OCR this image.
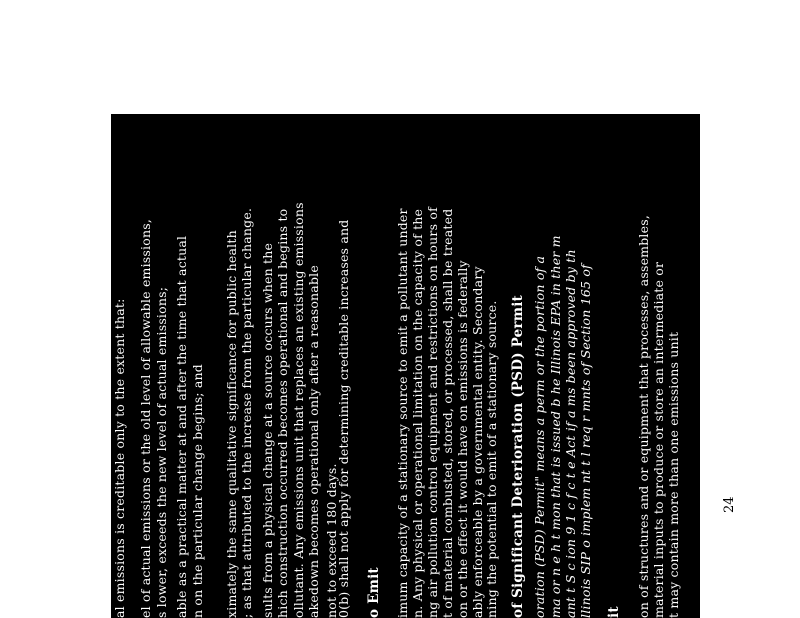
al emissions is creditable only to the extent that: el of actual emissions or the old level of allowable emissions, s lower, exceeds the new level of actual emissions; able as a practical matter at and after the time that actual n on the particular change begins; and ximately the same qualitative significance for public health ; as that attributed to the increase from the particular change. sults from a physical change at a source occurs when the hich construction occurred becomes operational and begins to ollutant. Any emissions unit that replaces an existing emissions akedown becomes operational only after a reasonable not to exceed 180 days.
0(b) shall not apply for determining creditable increases and o Emit imum capacity of a stationary source to emit a pollutant under n. Any physical or operational limitation on the capacity of the ng air pollution control equipment and restrictions on hours of t of material combusted, stored, or processed, shall be treated on or the effect it would have on emissions is federally ably enforceable by a governmental entity. Secondary ning the potential to emit of a stationary source. of Significant Deterioration (PSD) Permit oration (PSD) Permit" means a perm or the portion of a ma or n e h t mon that is issued b he Illinois EPA in ther m ant t S c ion 9 1 c f c t e Act if a ms been approved by th llinois SIP o implem nt t l req r mnts of Section 165 of it on of structures and or equipment that processes, assembles, material inputs to produce or store an intermediate or t may contain more than one emissions unit	24
